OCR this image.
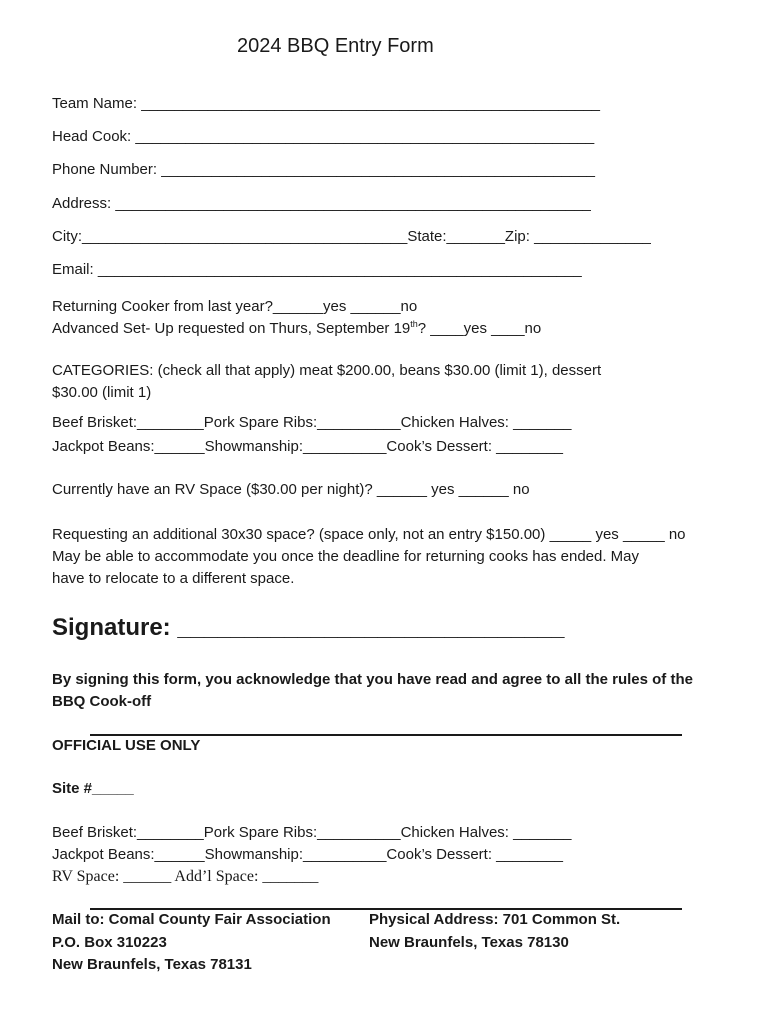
2024 BBQ Entry Form
Team Name: _______________________________________________________
Head Cook: _______________________________________________________
Phone Number: ____________________________________________________
Address: _________________________________________________________
City:_______________________________________State:_______Zip: ______________
Email: __________________________________________________________
Returning Cooker from last year?______yes ______no
Advanced Set- Up requested on Thurs, September 19th? ____yes ____no
CATEGORIES: (check all that apply) meat $200.00, beans $30.00 (limit 1), dessert
$30.00 (limit 1)
Beef Brisket:________Pork Spare Ribs:__________Chicken Halves: _______
Jackpot Beans:______Showmanship:__________Cook’s Dessert: ________
Currently have an RV Space ($30.00 per night)? ______ yes ______ no
Requesting an additional 30x30 space? (space only, not an entry $150.00) _____ yes _____ no
May be able to accommodate you once the deadline for returning cooks has ended. May
have to relocate to a different space.
Signature: _____________________________
By signing this form, you acknowledge that you have read and agree to all the rules of the
BBQ Cook-off
OFFICIAL USE ONLY
Site #_____
Beef Brisket:________Pork Spare Ribs:__________Chicken Halves: _______
Jackpot Beans:______Showmanship:__________Cook’s Dessert: ________
RV Space: ______ Add’l Space: _______
Mail to: Comal County Fair Association
P.O. Box 310223
New Braunfels, Texas 78131
Physical Address: 701 Common St.
New Braunfels, Texas 78130
